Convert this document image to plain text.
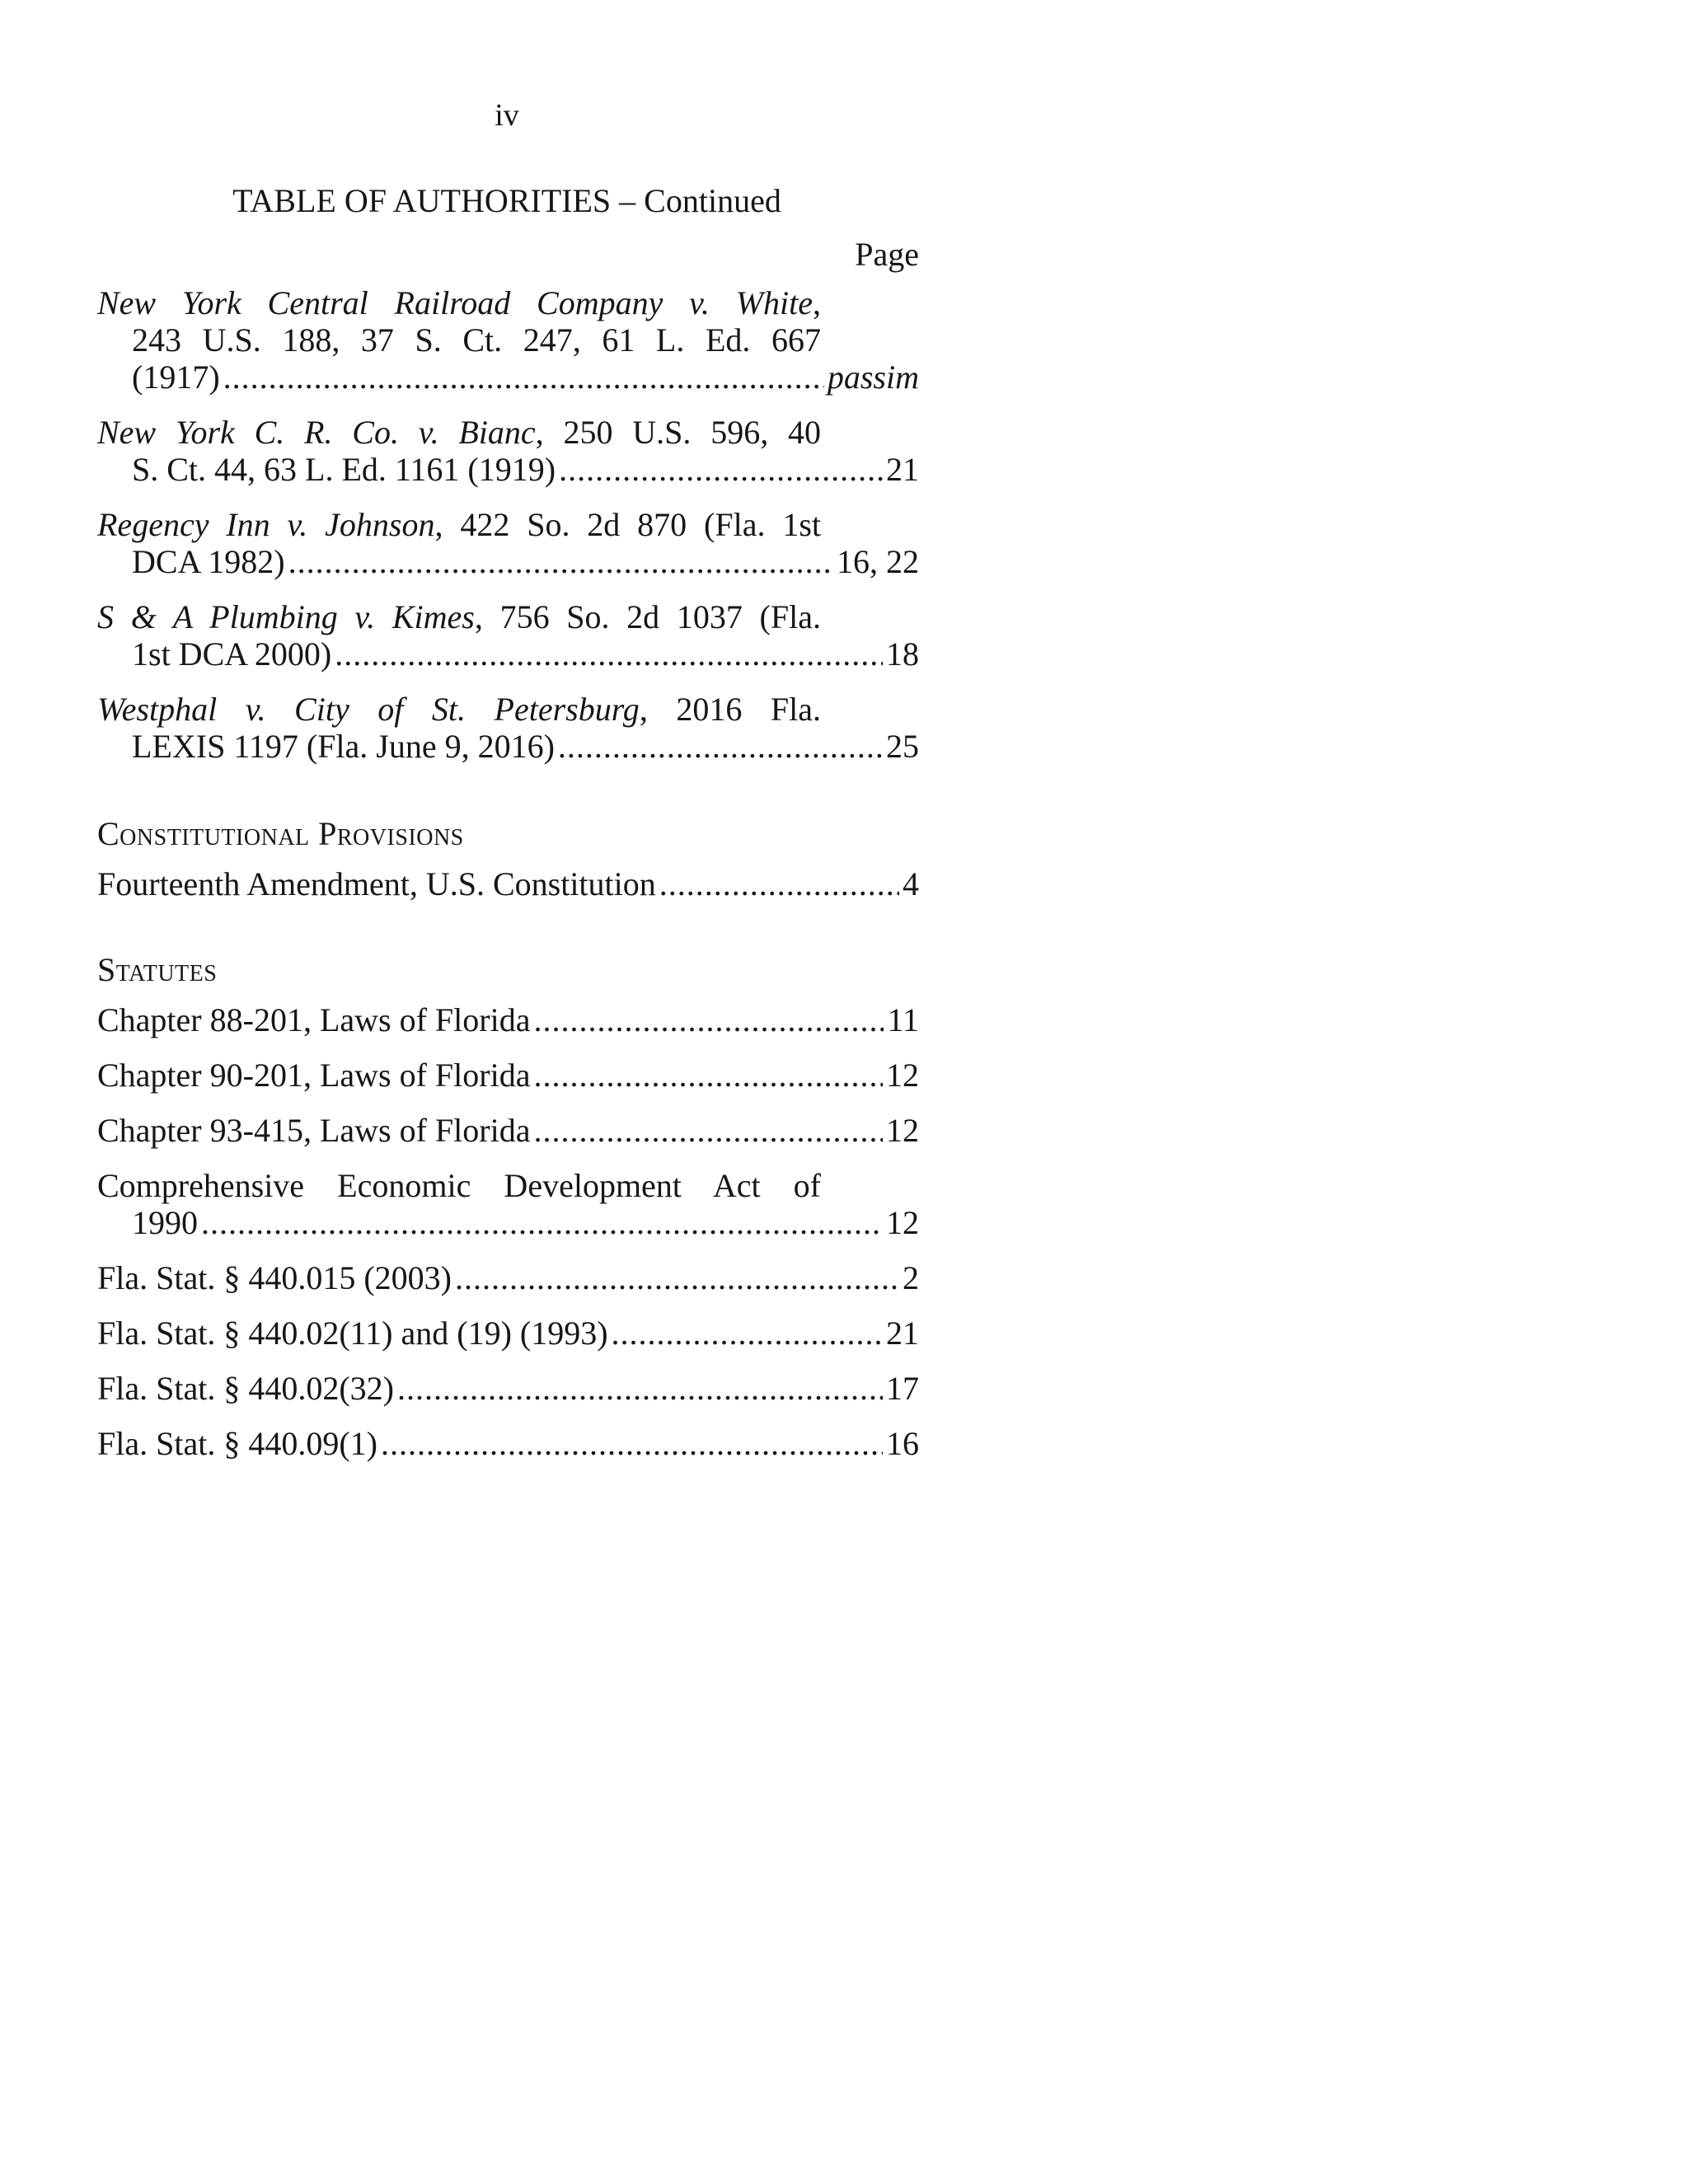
iv
TABLE OF AUTHORITIES – Continued
Page
New York Central Railroad Company v. White,
243 U.S. 188, 37 S. Ct. 247, 61 L. Ed. 667
(1917) .....	passim
New York C. R. Co. v. Bianc, 250 U.S. 596, 40
S. Ct. 44, 63 L. Ed. 1161 (1919) .....	21
Regency Inn v. Johnson, 422 So. 2d 870 (Fla. 1st
DCA 1982) .....	16, 22
S & A Plumbing v. Kimes, 756 So. 2d 1037 (Fla.
1st DCA 2000) .....	18
Westphal v. City of St. Petersburg, 2016 Fla.
LEXIS 1197 (Fla. June 9, 2016) .....	25
Constitutional Provisions
Fourteenth Amendment, U.S. Constitution .....	4
Statutes
Chapter 88-201, Laws of Florida .....	11
Chapter 90-201, Laws of Florida .....	12
Chapter 93-415, Laws of Florida .....	12
Comprehensive Economic Development Act of
1990 .....	12
Fla. Stat. § 440.015 (2003) .....	2
Fla. Stat. § 440.02(11) and (19) (1993) .....	21
Fla. Stat. § 440.02(32) .....	17
Fla. Stat. § 440.09(1) .....	16
